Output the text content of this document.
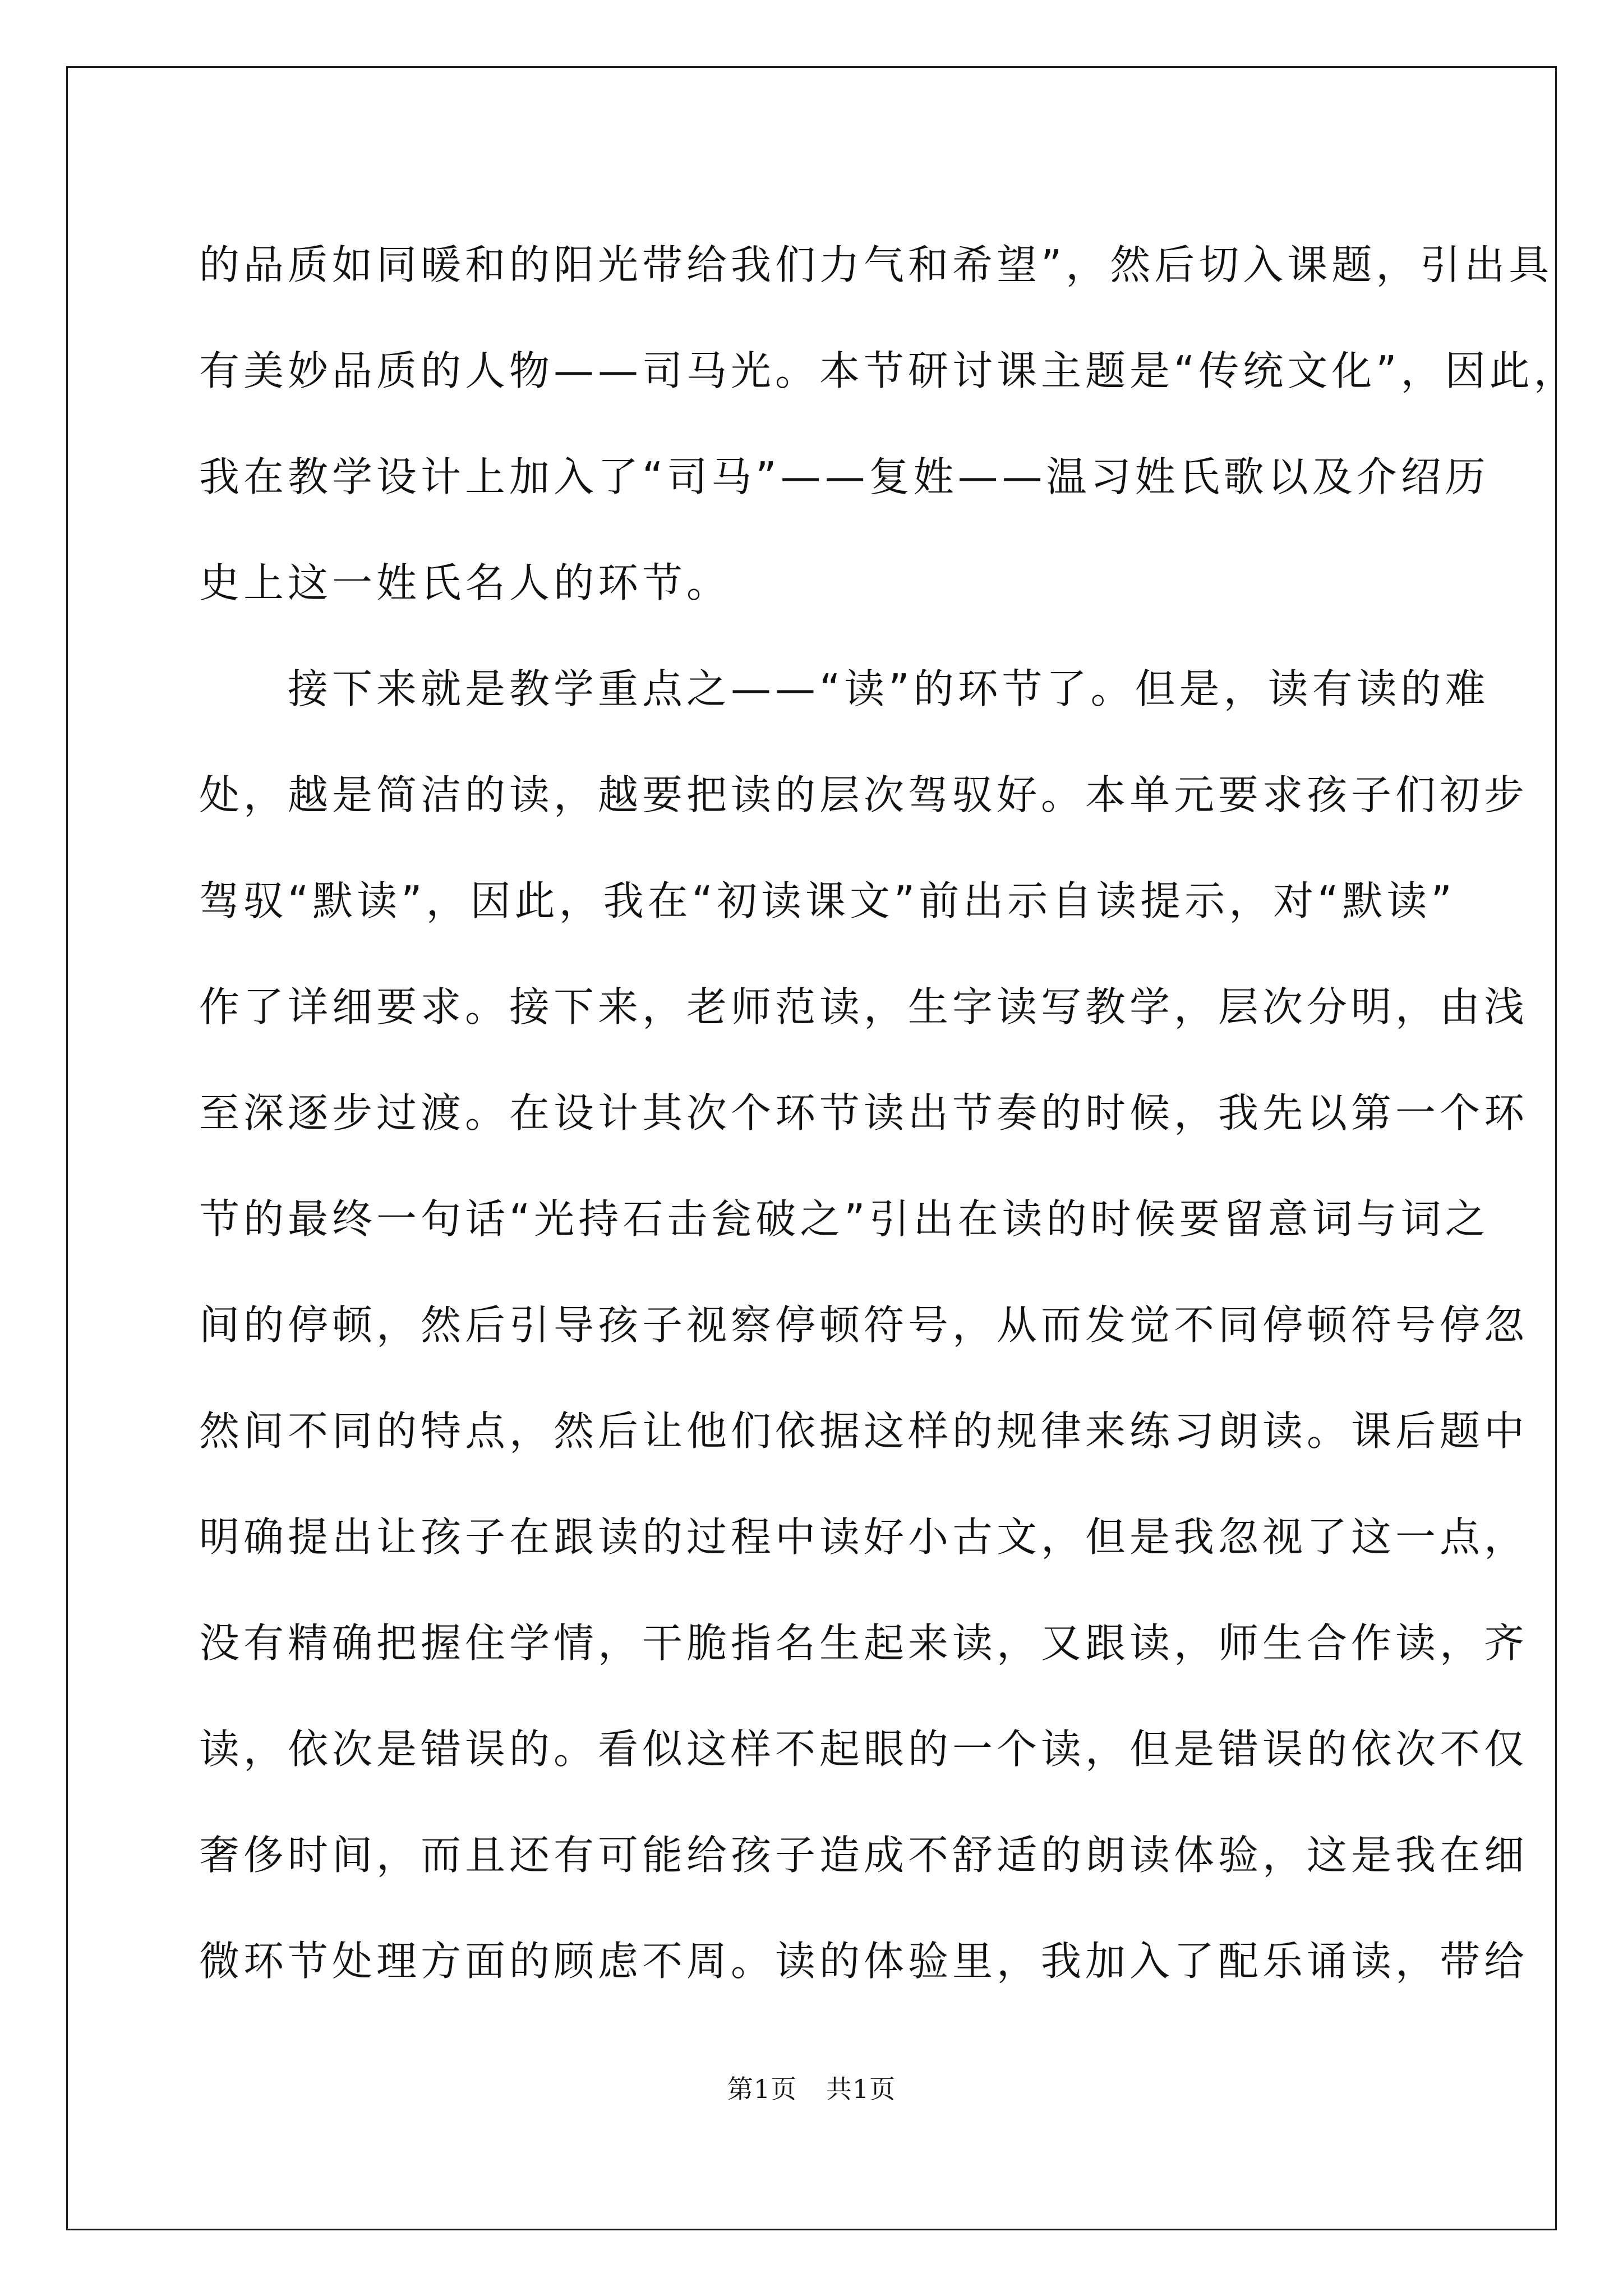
的品质如同暖和的阳光带给我们力气和希望”，然后切入课题，引出具
有美妙品质的人物——司马光。本节研讨课主题是“传统文化”，因此，
我在教学设计上加入了“司马”——复姓——温习姓氏歌以及介绍历
史上这一姓氏名人的环节。
　　接下来就是教学重点之——“读”的环节了。但是，读有读的难
处，越是简洁的读，越要把读的层次驾驭好。本单元要求孩子们初步
驾驭“默读”，因此，我在“初读课文”前出示自读提示，对“默读”
作了详细要求。接下来，老师范读，生字读写教学，层次分明，由浅
至深逐步过渡。在设计其次个环节读出节奏的时候，我先以第一个环
节的最终一句话“光持石击瓮破之”引出在读的时候要留意词与词之
间的停顿，然后引导孩子视察停顿符号，从而发觉不同停顿符号停忽
然间不同的特点，然后让他们依据这样的规律来练习朗读。课后题中
明确提出让孩子在跟读的过程中读好小古文，但是我忽视了这一点，
没有精确把握住学情，干脆指名生起来读，又跟读，师生合作读，齐
读，依次是错误的。看似这样不起眼的一个读，但是错误的依次不仅
奢侈时间，而且还有可能给孩子造成不舒适的朗读体验，这是我在细
微环节处理方面的顾虑不周。读的体验里，我加入了配乐诵读，带给
第1页 共1页
